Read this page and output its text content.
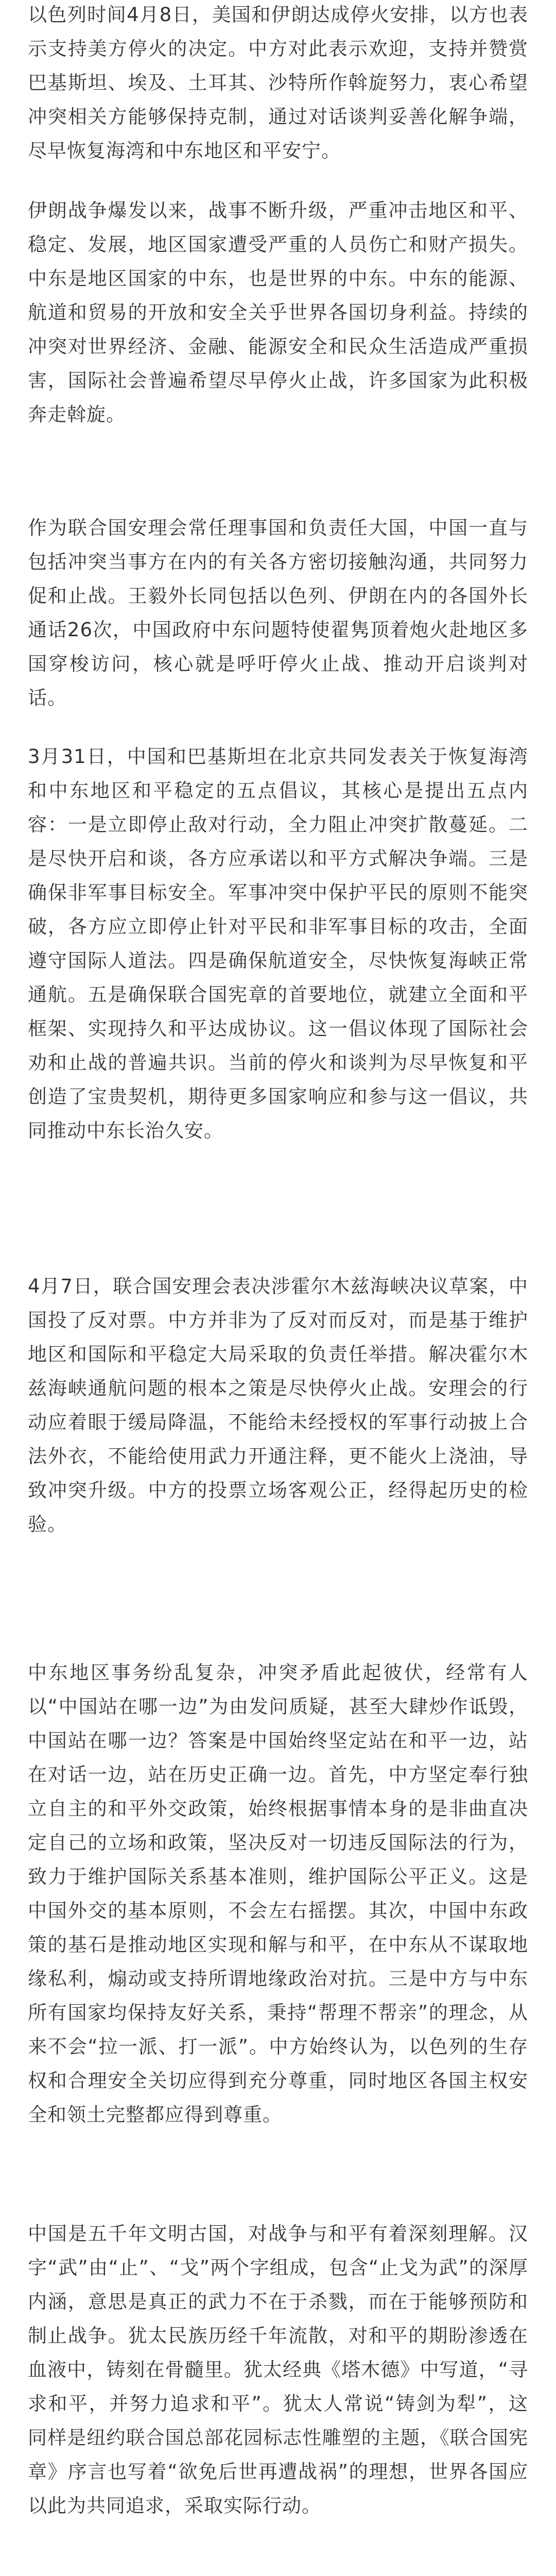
以色列时间4月8日，美国和伊朗达成停火安排，以方也表示支持美方停火的决定。中方对此表示欢迎，支持并赞赏巴基斯坦、埃及、土耳其、沙特所作斡旋努力，衷心希望冲突相关方能够保持克制，通过对话谈判妥善化解争端，尽早恢复海湾和中东地区和平安宁。

伊朗战争爆发以来，战事不断升级，严重冲击地区和平、稳定、发展，地区国家遭受严重的人员伤亡和财产损失。中东是地区国家的中东，也是世界的中东。中东的能源、航道和贸易的开放和安全关乎世界各国切身利益。持续的冲突对世界经济、金融、能源安全和民众生活造成严重损害，国际社会普遍希望尽早停火止战，许多国家为此积极奔走斡旋。

作为联合国安理会常任理事国和负责任大国，中国一直与包括冲突当事方在内的有关各方密切接触沟通，共同努力促和止战。王毅外长同包括以色列、伊朗在内的各国外长通话26次，中国政府中东问题特使翟隽顶着炮火赴地区多国穿梭访问，核心就是呼吁停火止战、推动开启谈判对话。

3月31日，中国和巴基斯坦在北京共同发表关于恢复海湾和中东地区和平稳定的五点倡议，其核心是提出五点内容：一是立即停止敌对行动，全力阻止冲突扩散蔓延。二是尽快开启和谈，各方应承诺以和平方式解决争端。三是确保非军事目标安全。军事冲突中保护平民的原则不能突破，各方应立即停止针对平民和非军事目标的攻击，全面遵守国际人道法。四是确保航道安全，尽快恢复海峡正常通航。五是确保联合国宪章的首要地位，就建立全面和平框架、实现持久和平达成协议。这一倡议体现了国际社会劝和止战的普遍共识。当前的停火和谈判为尽早恢复和平创造了宝贵契机，期待更多国家响应和参与这一倡议，共同推动中东长治久安。

4月7日，联合国安理会表决涉霍尔木兹海峡决议草案，中国投了反对票。中方并非为了反对而反对，而是基于维护地区和国际和平稳定大局采取的负责任举措。解决霍尔木兹海峡通航问题的根本之策是尽快停火止战。安理会的行动应着眼于缓局降温，不能给未经授权的军事行动披上合法外衣，不能给使用武力开通注释，更不能火上浇油，导致冲突升级。中方的投票立场客观公正，经得起历史的检验。

中东地区事务纷乱复杂，冲突矛盾此起彼伏，经常有人以“中国站在哪一边”为由发问质疑，甚至大肆炒作诋毁，中国站在哪一边？答案是中国始终坚定站在和平一边，站在对话一边，站在历史正确一边。首先，中方坚定奉行独立自主的和平外交政策，始终根据事情本身的是非曲直决定自己的立场和政策，坚决反对一切违反国际法的行为，致力于维护国际关系基本准则，维护国际公平正义。这是中国外交的基本原则，不会左右摇摆。其次，中国中东政策的基石是推动地区实现和解与和平，在中东从不谋取地缘私利，煽动或支持所谓地缘政治对抗。三是中方与中东所有国家均保持友好关系，秉持“帮理不帮亲”的理念，从来不会“拉一派、打一派”。中方始终认为，以色列的生存权和合理安全关切应得到充分尊重，同时地区各国主权安全和领土完整都应得到尊重。

中国是五千年文明古国，对战争与和平有着深刻理解。汉字“武”由“止”、“戈”两个字组成，包含“止戈为武”的深厚内涵，意思是真正的武力不在于杀戮，而在于能够预防和制止战争。犹太民族历经千年流散，对和平的期盼渗透在血液中，铸刻在骨髓里。犹太经典《塔木德》中写道，“寻求和平，并努力追求和平”。犹太人常说“铸剑为犁”，这同样是纽约联合国总部花园标志性雕塑的主题，《联合国宪章》序言也写着“欲免后世再遭战祸”的理想，世界各国应以此为共同追求，采取实际行动。
